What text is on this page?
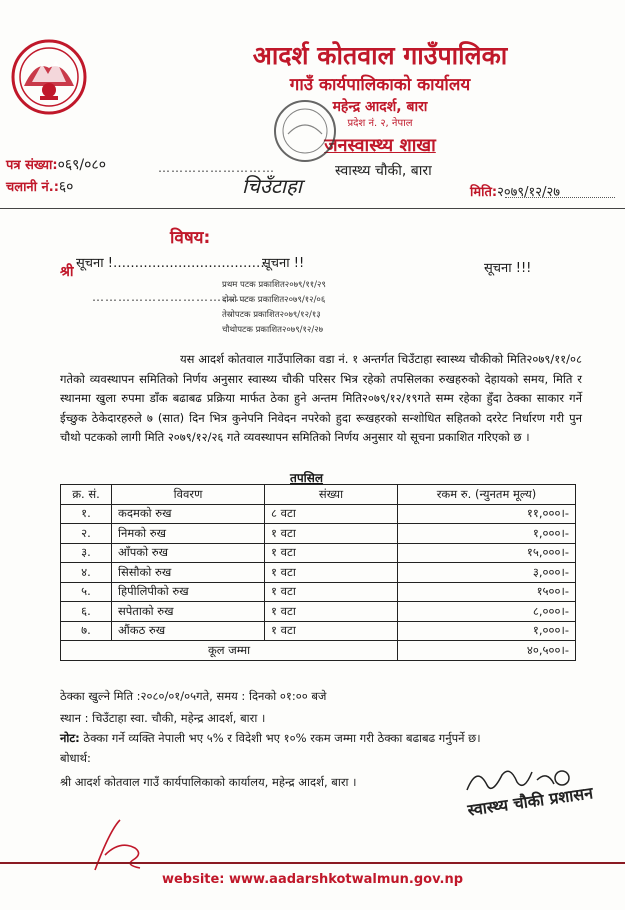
आदर्श कोतवाल गाउँपालिका
गाउँ कार्यपालिकाको कार्यालय
महेन्द्र आदर्श, बारा
प्रदेश नं. २, नेपाल
जनस्वास्थ्य शाखा
पत्र संख्या:०६९/०८०
चलानी नं.:६०
………………………	स्वास्थ्य चौकी, बारा
चिउँटाहा	मिति:२०७९/१२/२७
विषय:
श्री
सूचना !………………………………
सूचना !!	सूचना !!!
………………………………
प्रथम पटक प्रकाशित२०७९/११/२९
दोस्रो पटक प्रकाशित२०७९/१२/०६
तेस्रोपटक प्रकाशित२०७९/१२/१३
चौथोपटक प्रकाशित२०७९/१२/२७
यस आदर्श कोतवाल गाउँपालिका वडा नं. १ अन्तर्गत चिउँटाहा स्वास्थ्य चौकीको मिति२०७९/११/०८ गतेको व्यवस्थापन समितिको निर्णय अनुसार स्वास्थ्य चौकी परिसर भित्र रहेको तपसिलका रुखहरुको देहायको समय, मिति र स्थानमा खुला रुपमा डाँक बढाबढ प्रक्रिया मार्फत ठेका हुने अन्तम मिति२०७९/१२/१९गते सम्म रहेका हुँदा ठेक्का साकार गर्ने ईच्छुक ठेकेदारहरुले ७ (सात) दिन भित्र कुनेपनि निवेदन नपरेको हुदा रूखहरको सन्शोधित सहितको दररेट निर्धारण गरी पुन चौथो पटकको लागी मिति २०७९/१२/२६ गते व्यवस्थापन समितिको निर्णय अनुसार यो सूचना प्रकाशित गरिएको छ ।
तपसिल
क्र. सं.	विवरण	संख्या	रकम रु. (न्युनतम मूल्य)
१.	कदमको रुख	८ वटा	११,०००।-
२.	निमको रुख	१ वटा	१,०००।-
३.	आँपको रुख	१ वटा	१५,०००।-
४.	सिसौको रुख	१ वटा	३,०००।-
५.	हिपीलिपीको रुख	१ वटा	१५००।-
६.	सपेताको रुख	१ वटा	८,०००।-
७.	औंकठ रुख	१ वटा	१,०००।-
कूल जम्मा			४०,५००।-
ठेक्का खुल्ने मिति :२०८०/०१/०५गते, समय : दिनको ०१:०० बजे
स्थान : चिउँटाहा स्वा. चौकी, महेन्द्र आदर्श, बारा ।
नोट: ठेक्का गर्ने व्यक्ति नेपाली भए ५% र विदेशी भए १०% रकम जम्मा गरी ठेक्का बढाबढ गर्नुपर्ने छ।
बोधार्थ:
श्री आदर्श कोतवाल गाउँ कार्यपालिकाको कार्यालय, महेन्द्र आदर्श, बारा ।
स्वास्थ्य चौकी प्रशासन
website: www.aadarshkotwalmun.gov.np
